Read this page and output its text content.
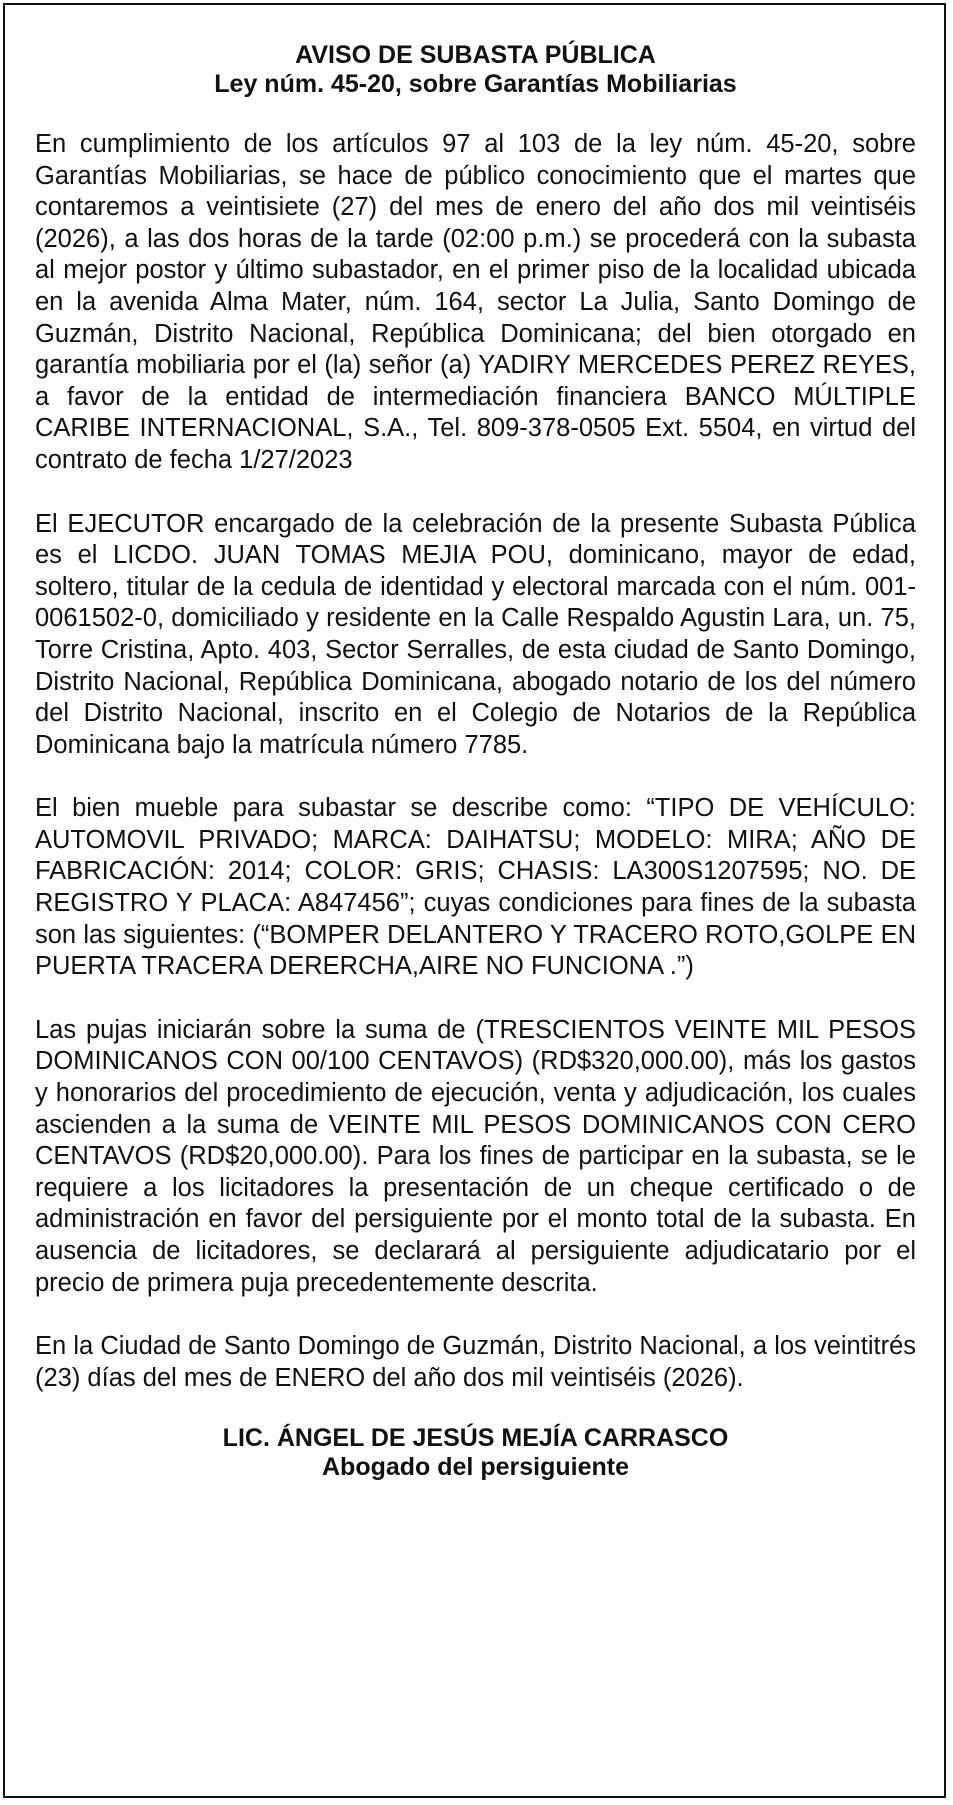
AVISO DE SUBASTA PÚBLICA
Ley núm. 45-20, sobre Garantías Mobiliarias

En cumplimiento de los artículos 97 al 103 de la ley núm. 45-20, sobre Garantías Mobiliarias, se hace de público conocimiento que el martes que contaremos a veintisiete (27) del mes de enero del año dos mil veintiséis (2026), a las dos horas de la tarde (02:00 p.m.) se procederá con la subasta al mejor postor y último subastador, en el primer piso de la localidad ubicada en la avenida Alma Mater, núm. 164, sector La Julia, Santo Domingo de Guzmán, Distrito Nacional, República Dominicana; del bien otorgado en garantía mobiliaria por el (la) señor (a) YADIRY MERCEDES PEREZ REYES, a favor de la entidad de intermediación financiera BANCO MÚLTIPLE CARIBE INTERNACIONAL, S.A., Tel. 809-378-0505 Ext. 5504, en virtud del contrato de fecha 1/27/2023

El EJECUTOR encargado de la celebración de la presente Subasta Pública es el LICDO. JUAN TOMAS MEJIA POU, dominicano, mayor de edad, soltero, titular de la cedula de identidad y electoral marcada con el núm. 001-0061502-0, domiciliado y residente en la Calle Respaldo Agustin Lara, un. 75, Torre Cristina, Apto. 403, Sector Serralles, de esta ciudad de Santo Domingo, Distrito Nacional, República Dominicana, abogado notario de los del número del Distrito Nacional, inscrito en el Colegio de Notarios de la República Dominicana bajo la matrícula número 7785.

El bien mueble para subastar se describe como: “TIPO DE VEHÍCULO: AUTOMOVIL PRIVADO; MARCA: DAIHATSU; MODELO: MIRA; AÑO DE FABRICACIÓN: 2014; COLOR: GRIS; CHASIS: LA300S1207595; NO. DE REGISTRO Y PLACA: A847456”; cuyas condiciones para fines de la subasta son las siguientes: (“BOMPER DELANTERO Y TRACERO ROTO,GOLPE EN PUERTA TRACERA DERERCHA,AIRE NO FUNCIONA .”)

Las pujas iniciarán sobre la suma de (TRESCIENTOS VEINTE MIL PESOS DOMINICANOS CON 00/100 CENTAVOS) (RD$320,000.00), más los gastos y honorarios del procedimiento de ejecución, venta y adjudicación, los cuales ascienden a la suma de VEINTE MIL PESOS DOMINICANOS CON CERO CENTAVOS (RD$20,000.00). Para los fines de participar en la subasta, se le requiere a los licitadores la presentación de un cheque certificado o de administración en favor del persiguiente por el monto total de la subasta. En ausencia de licitadores, se declarará al persiguiente adjudicatario por el precio de primera puja precedentemente descrita.

En la Ciudad de Santo Domingo de Guzmán, Distrito Nacional, a los veintitrés (23) días del mes de ENERO del año dos mil veintiséis (2026).

LIC. ÁNGEL DE JESÚS MEJÍA CARRASCO
Abogado del persiguiente
